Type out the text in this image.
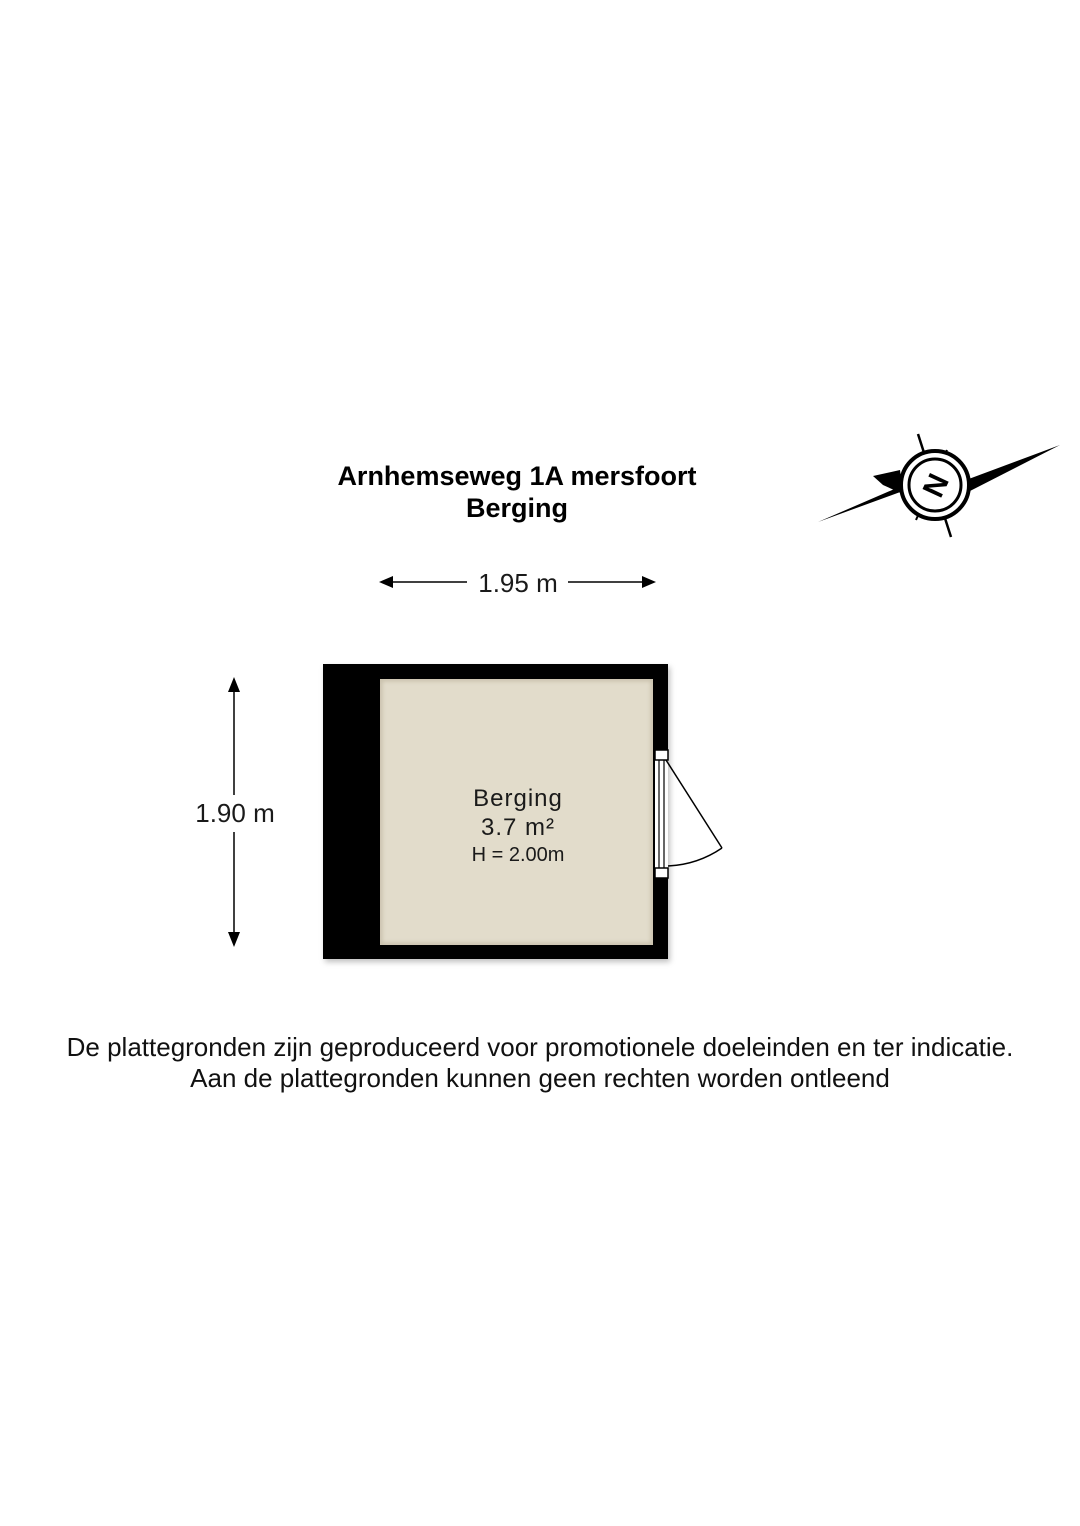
Arnhemseweg 1A mersfoort
Berging
N
1.95 m
1.90 m	Berging
3.7 m²
H = 2.00m
De plattegronden zijn geproduceerd voor promotionele doeleinden en ter indicatie.
Aan de plattegronden kunnen geen rechten worden ontleend
